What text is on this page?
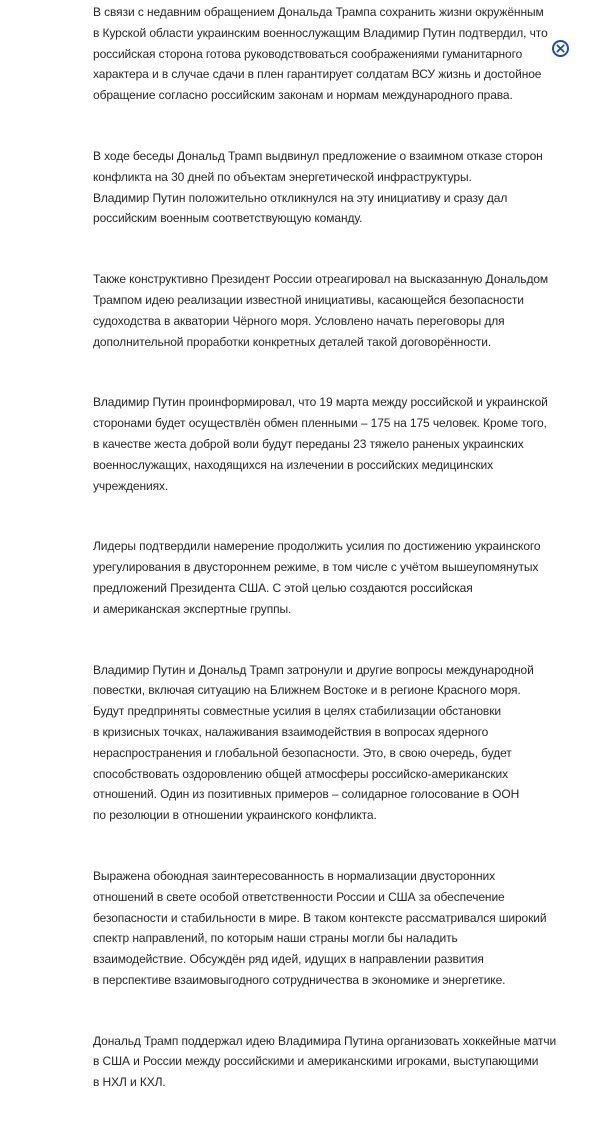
В связи с недавним обращением Дональда Трампа сохранить жизни окружённым
в Курской области украинским военнослужащим Владимир Путин подтвердил, что
российская сторона готова руководствоваться соображениями гуманитарного
характера и в случае сдачи в плен гарантирует солдатам ВСУ жизнь и достойное
обращение согласно российским законам и нормам международного права.

В ходе беседы Дональд Трамп выдвинул предложение о взаимном отказе сторон
конфликта на 30 дней по объектам энергетической инфраструктуры.
Владимир Путин положительно откликнулся на эту инициативу и сразу дал
российским военным соответствующую команду.

Также конструктивно Президент России отреагировал на высказанную Дональдом
Трампом идею реализации известной инициативы, касающейся безопасности
судоходства в акватории Чёрного моря. Условлено начать переговоры для
дополнительной проработки конкретных деталей такой договорённости.

Владимир Путин проинформировал, что 19 марта между российской и украинской
сторонами будет осуществлён обмен пленными – 175 на 175 человек. Кроме того,
в качестве жеста доброй воли будут переданы 23 тяжело раненых украинских
военнослужащих, находящихся на излечении в российских медицинских
учреждениях.

Лидеры подтвердили намерение продолжить усилия по достижению украинского
урегулирования в двустороннем режиме, в том числе с учётом вышеупомянутых
предложений Президента США. С этой целью создаются российская
и американская экспертные группы.

Владимир Путин и Дональд Трамп затронули и другие вопросы международной
повестки, включая ситуацию на Ближнем Востоке и в регионе Красного моря.
Будут предприняты совместные усилия в целях стабилизации обстановки
в кризисных точках, налаживания взаимодействия в вопросах ядерного
нераспространения и глобальной безопасности. Это, в свою очередь, будет
способствовать оздоровлению общей атмосферы российско-американских
отношений. Один из позитивных примеров – солидарное голосование в ООН
по резолюции в отношении украинского конфликта.

Выражена обоюдная заинтересованность в нормализации двусторонних
отношений в свете особой ответственности России и США за обеспечение
безопасности и стабильности в мире. В таком контексте рассматривался широкий
спектр направлений, по которым наши страны могли бы наладить
взаимодействие. Обсуждён ряд идей, идущих в направлении развития
в перспективе взаимовыгодного сотрудничества в экономике и энергетике.

Дональд Трамп поддержал идею Владимира Путина организовать хоккейные матчи
в США и России между российскими и американскими игроками, выступающими
в НХЛ и КХЛ.
